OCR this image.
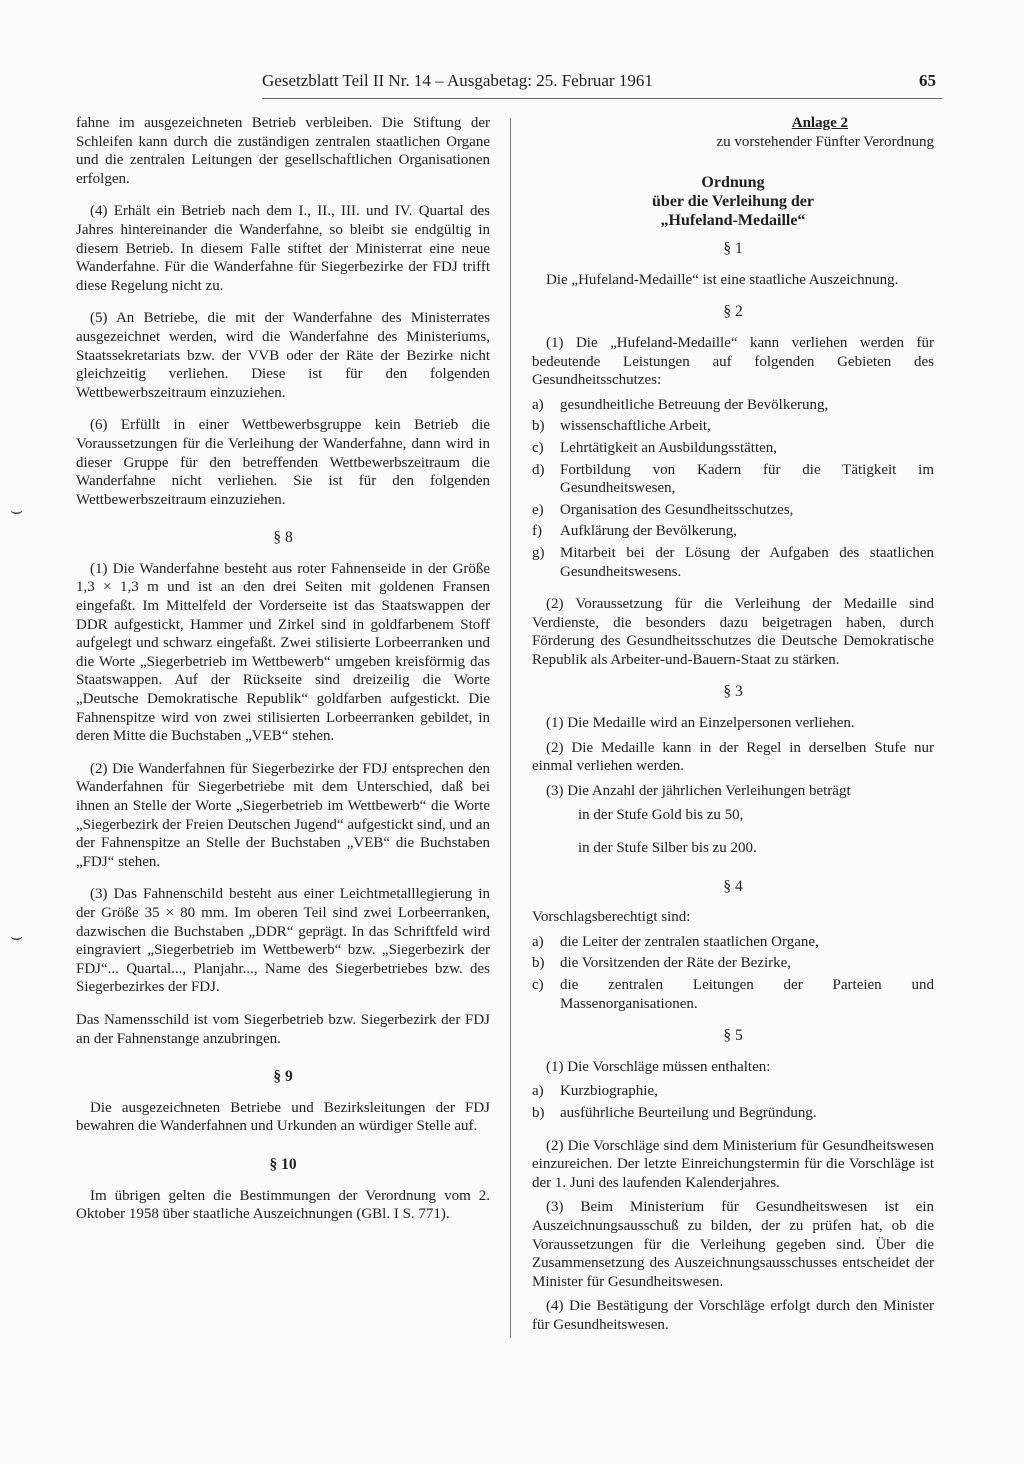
Gesetzblatt Teil II Nr. 14 – Ausgabetag: 25. Februar 1961	65
⌣
⌣

fahne im ausgezeichneten Betrieb verbleiben. Die Stiftung der Schleifen kann durch die zuständigen zentralen staatlichen Organe und die zentralen Leitungen der gesellschaftlichen Organisationen erfolgen.

(4) Erhält ein Betrieb nach dem I., II., III. und IV. Quartal des Jahres hintereinander die Wanderfahne, so bleibt sie endgültig in diesem Betrieb. In diesem Falle stiftet der Ministerrat eine neue Wanderfahne. Für die Wanderfahne für Siegerbezirke der FDJ trifft diese Regelung nicht zu.

(5) An Betriebe, die mit der Wanderfahne des Ministerrates ausgezeichnet werden, wird die Wanderfahne des Ministeriums, Staatssekretariats bzw. der VVB oder der Räte der Bezirke nicht gleichzeitig verliehen. Diese ist für den folgenden Wettbewerbszeitraum einzuziehen.

(6) Erfüllt in einer Wettbewerbsgruppe kein Betrieb die Voraussetzungen für die Verleihung der Wanderfahne, dann wird in dieser Gruppe für den betreffenden Wettbewerbszeitraum die Wanderfahne nicht verliehen. Sie ist für den folgenden Wettbewerbszeitraum einzuziehen.

§ 8

(1) Die Wanderfahne besteht aus roter Fahnenseide in der Größe 1,3 × 1,3 m und ist an den drei Seiten mit goldenen Fransen eingefaßt. Im Mittelfeld der Vorderseite ist das Staatswappen der DDR aufgestickt, Hammer und Zirkel sind in goldfarbenem Stoff aufgelegt und schwarz eingefaßt. Zwei stilisierte Lorbeerranken und die Worte „Siegerbetrieb im Wettbewerb“ umgeben kreisförmig das Staatswappen. Auf der Rückseite sind dreizeilig die Worte „Deutsche Demokratische Republik“ goldfarben aufgestickt. Die Fahnenspitze wird von zwei stilisierten Lorbeerranken gebildet, in deren Mitte die Buchstaben „VEB“ stehen.

(2) Die Wanderfahnen für Siegerbezirke der FDJ entsprechen den Wanderfahnen für Siegerbetriebe mit dem Unterschied, daß bei ihnen an Stelle der Worte „Siegerbetrieb im Wettbewerb“ die Worte „Siegerbezirk der Freien Deutschen Jugend“ aufgestickt sind, und an der Fahnenspitze an Stelle der Buchstaben „VEB“ die Buchstaben „FDJ“ stehen.

(3) Das Fahnenschild besteht aus einer Leichtmetalllegierung in der Größe 35 × 80 mm. Im oberen Teil sind zwei Lorbeerranken, dazwischen die Buchstaben „DDR“ geprägt. In das Schriftfeld wird eingraviert „Siegerbetrieb im Wettbewerb“ bzw. „Siegerbezirk der FDJ“... Quartal..., Planjahr..., Name des Siegerbetriebes bzw. des Siegerbezirkes der FDJ.

Das Namensschild ist vom Siegerbetrieb bzw. Siegerbezirk der FDJ an der Fahnenstange anzubringen.

§ 9

Die ausgezeichneten Betriebe und Bezirksleitungen der FDJ bewahren die Wanderfahnen und Urkunden an würdiger Stelle auf.

§ 10

Im übrigen gelten die Bestimmungen der Verordnung vom 2. Oktober 1958 über staatliche Auszeichnungen (GBl. I S. 771).

Anlage 2
zu vorstehender Fünfter Verordnung
Ordnung
über die Verleihung der
„Hufeland-Medaille“
§ 1

Die „Hufeland-Medaille“ ist eine staatliche Auszeichnung.

§ 2

(1) Die „Hufeland-Medaille“ kann verliehen werden für bedeutende Leistungen auf folgenden Gebieten des Gesundheitsschutzes:

a) gesundheitliche Betreuung der Bevölkerung,
b) wissenschaftliche Arbeit,
c) Lehrtätigkeit an Ausbildungsstätten,
d) Fortbildung von Kadern für die Tätigkeit im Gesundheitswesen,
e) Organisation des Gesundheitsschutzes,
f) Aufklärung der Bevölkerung,
g) Mitarbeit bei der Lösung der Aufgaben des staatlichen Gesundheitswesens.

(2) Voraussetzung für die Verleihung der Medaille sind Verdienste, die besonders dazu beigetragen haben, durch Förderung des Gesundheitsschutzes die Deutsche Demokratische Republik als Arbeiter-und-Bauern-Staat zu stärken.

§ 3

(1) Die Medaille wird an Einzelpersonen verliehen.

(2) Die Medaille kann in der Regel in derselben Stufe nur einmal verliehen werden.

(3) Die Anzahl der jährlichen Verleihungen beträgt

in der Stufe Gold bis zu 50,

in der Stufe Silber bis zu 200.

§ 4

Vorschlagsberechtigt sind:

a) die Leiter der zentralen staatlichen Organe,
b) die Vorsitzenden der Räte der Bezirke,
c) die zentralen Leitungen der Parteien und Massenorganisationen.
§ 5

(1) Die Vorschläge müssen enthalten:

a) Kurzbiographie,
b) ausführliche Beurteilung und Begründung.

(2) Die Vorschläge sind dem Ministerium für Gesundheitswesen einzureichen. Der letzte Einreichungstermin für die Vorschläge ist der 1. Juni des laufenden Kalenderjahres.

(3) Beim Ministerium für Gesundheitswesen ist ein Auszeichnungsausschuß zu bilden, der zu prüfen hat, ob die Voraussetzungen für die Verleihung gegeben sind. Über die Zusammensetzung des Auszeichnungsausschusses entscheidet der Minister für Gesundheitswesen.

(4) Die Bestätigung der Vorschläge erfolgt durch den Minister für Gesundheitswesen.
